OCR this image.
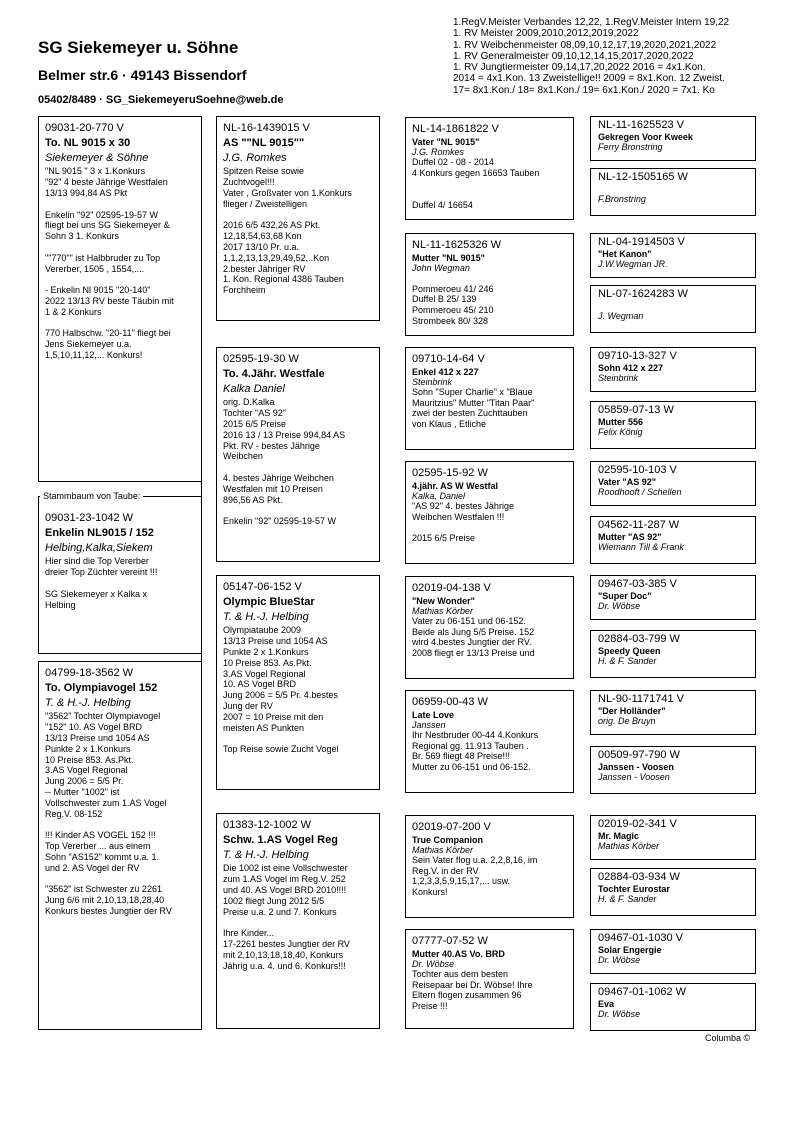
SG Siekemeyer u. Söhne
Belmer str.6 · 49143 Bissendorf
05402/8489 · SG_SiekemeyeruSoehne@web.de
1.RegV.Meister Verbandes 12,22, 1.RegV.Meister Intern 19,22
1. RV Meister 2009,2010,2012,2019,2022
1. RV Weibchenmeister 08,09,10,12,17,19,2020,2021,2022
1. RV Generalmeister 09,10,12,14,15,2017,2020,2022
1. RV Jungtiermeister 09,14,17,20,2022 2016 = 4x1.Kon.
2014 = 4x1.Kon. 13 Zweistellige!! 2009 = 8x1.Kon. 12 Zweist.
17= 8x1.Kon./ 18= 8x1.Kon./ 19= 6x1.Kon./ 2020 = 7x1. Ko
09031-20-770 V
To. NL 9015 x 30
Siekemeyer & Söhne
"NL 9015 " 3 x 1.Konkurs
"92" 4 beste Jährige Westfalen
13/13 994,84 AS Pkt

Enkelin "92" 02595-19-57 W
fliegt bei uns SG Siekemeyer &
Sohn 3 1. Konkurs

""770"" ist Halbbruder zu Top
Vererber, 1505 , 1554,....

- Enkelin Nl 9015 "20-140"
2022 13/13 RV beste Täubin mit
1 & 2 Konkurs

770 Halbschw. "20-11" fliegt bei
Jens Siekemeyer u.a.
1,5,10,11,12,... Konkurs!
09031-23-1042 W
Enkelin NL9015 / 152
Helbing,Kalka,Siekem
Hier sind die Top Vererber
dreier Top Züchter vereint !!!

SG Siekemeyer x Kalka x
Helbing
Stammbaum von Taube:
04799-18-3562 W
To. Olympiavogel 152
T. & H.-J. Helbing
"3562" Tochter Olympiavogel
"152" 10. AS Vogel BRD
13/13 Preise und 1054 AS
Punkte 2 x 1.Konkurs
10 Preise 853. As.Pkt.
3.AS Vogel Regional
Jung 2006 = 5/5 Pr.
-- Mutter "1002" ist
Vollschwester zum 1.AS Vogel
Reg.V. 08-152

!!! Kinder AS VOGEL 152 !!!
Top Vererber ... aus einem
Sohn "AS152" kommt u.a. 1.
und 2. AS Vogel der RV

"3562" ist Schwester zu 2261
Jung 6/6 mit 2,10,13,18,28,40
Konkurs bestes Jungtier der RV
NL-16-1439015 V
AS ""NL 9015""
J.G. Romkes
Spitzen Reise sowie
Zuchtvogel!!!
Vater , Großvater von 1.Konkurs
flieger / Zweistelligen

2016 6/5 432,26 AS Pkt.
12,18,54,63,68 Kon
2017 13/10 Pr. u.a.
1,1,2,13,13,29,49,52,..Kon
2.bester Jähriger RV
1. Kon. Regional 4386 Tauben
Forchheim
02595-19-30 W
To. 4.Jähr. Westfale
Kalka Daniel
orig. D.Kalka
Tochter "AS 92"
2015 6/5 Preise
2016 13 / 13 Preise 994,84 AS
Pkt. RV - bestes Jährige
Weibchen

4. bestes Jährige Weibchen
Westfalen mit 10 Preisen
896,56 AS Pkt.

Enkelin "92" 02595-19-57 W
05147-06-152 V
Olympic BlueStar
T. & H.-J. Helbing
Olympiataube 2009
13/13 Preise und 1054 AS
Punkte 2 x 1.Konkurs
10 Preise 853. As.Pkt.
3.AS Vogel Regional
10. AS Vogel BRD
Jung 2006 = 5/5 Pr. 4.bestes
Jung der RV
2007 = 10 Preise mit den
meisten AS Punkten

Top Reise sowie Zucht Vogel
01383-12-1002 W
Schw. 1.AS Vogel Reg
T. & H.-J. Helbing
Die 1002 ist eine Vollschwester
zum 1.AS Vogel im Reg.V. 252
und 40. AS Vogel BRD 2010!!!!
1002 fliegt Jung 2012 5/5
Preise u.a. 2 und 7. Konkurs

Ihre Kinder...
17-2261 bestes Jungtier der RV
mit 2,10,13,18,18,40, Konkurs
Jährig u.a. 4. und 6. Konkurs!!!
NL-14-1861822 V
Vater "NL 9015"
J.G. Romkes
Duffel 02 - 08 - 2014
4 Konkurs gegen 16653 Tauben

Duffel 4/ 16654
NL-11-1625326 W
Mutter "NL 9015"
John Wegman

Pommeroeu 41/ 246
Duffel B 25/ 139
Pommeroeu 45/ 210
Strombeek 80/ 328
09710-14-64 V
Enkel 412 x 227
Steinbrink
Sohn "Super Charlie" x "Blaue
Mauritzius" Mutter "Titan Paar"
zwei der besten Zuchttauben
von Klaus , Etliche
02595-15-92 W
4.jähr. AS W Westfal
Kalka, Daniel
"AS 92" 4. bestes Jährige
Weibchen Westfalen !!!

2015 6/5 Preise
02019-04-138 V
"New Wonder"
Mathias Körber
Vater zu 06-151 und 06-152.
Beide als Jung 5/5 Preise. 152
wird 4.bestes Jungtier der RV.
2008 fliegt er 13/13 Preise und
06959-00-43 W
Late Love
Janssen
Ihr Nestbruder 00-44 4.Konkurs
Regional gg. 11.913 Tauben .
Br. 569 fliegt 48 Preise!!!
Mutter zu 06-151 und 06-152.
02019-07-200 V
True Companion
Mathias Körber
Sein Vater flog u.a. 2,2,8,16, im
Reg.V. in der RV
1,2,3,3,5,9,15,17,... usw.
Konkurs!
07777-07-52 W
Mutter 40.AS Vo. BRD
Dr. Wöbse
Tochter aus dem besten
Reisepaar bei Dr. Wöbse! Ihre
Eltern flogen zusammen 96
Preise !!!
NL-11-1625523 V
Gekregen Voor Kweek
Ferry Bronstring
NL-12-1505165 W
F.Bronstring
NL-04-1914503 V
"Het Kanon"
J.W.Wegman JR.
NL-07-1624283 W
J. Wegman
09710-13-327 V
Sohn 412 x 227
Steinbrink
05859-07-13 W
Mutter 556
Felix König
02595-10-103 V
Vater "AS 92"
Roodhooft / Schellen
04562-11-287 W
Mutter "AS 92"
Wiemann Till & Frank
09467-03-385 V
"Super Doc"
Dr. Wöbse
02884-03-799 W
Speedy Queen
H. & F. Sander
NL-90-1171741 V
"Der Holländer"
orig. De Bruyn
00509-97-790 W
Janssen - Voosen
Janssen - Voosen
02019-02-341 V
Mr. Magic
Mathias Körber
02884-03-934 W
Tochter Eurostar
H. & F. Sander
09467-01-1030 V
Solar Engergie
Dr. Wöbse
09467-01-1062 W
Eva
Dr. Wöbse
Columba ©
